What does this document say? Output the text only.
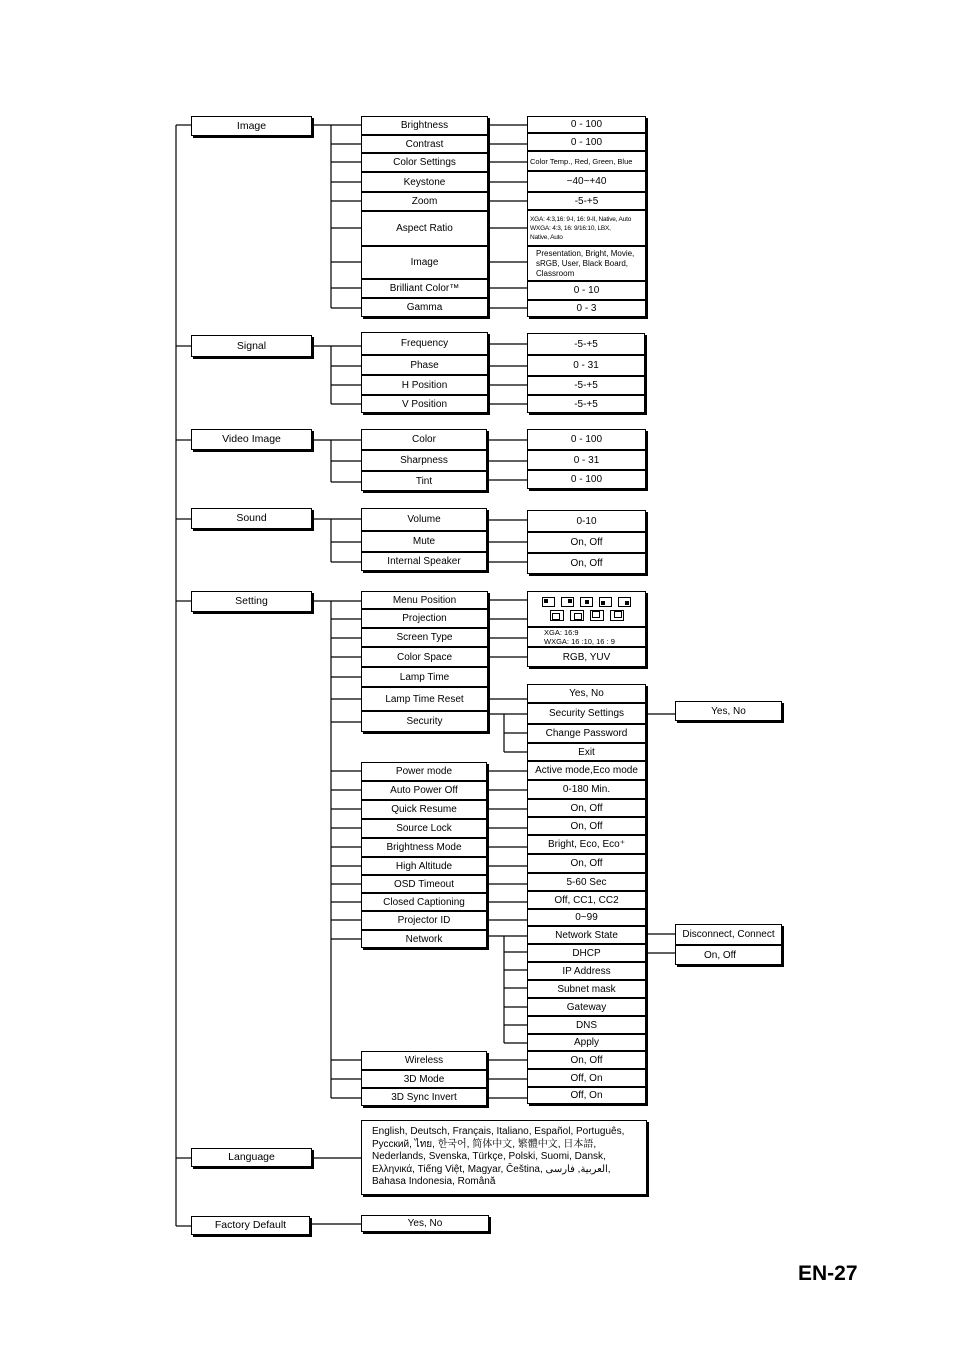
Image
Signal
Video Image
Sound
Setting
Language
Factory Default
Brightness
Contrast
Color Settings
Keystone
Zoom
Aspect Ratio
Image
Brilliant Color™
Gamma
0 - 100
0 - 100
Color Temp., Red, Green, Blue
−40~+40
-5-+5
XGA: 4:3,16: 9-I, 16: 9-II, Native, Auto
WXGA: 4:3, 16: 9/16:10, LBX,
Native, Auto
Presentation, Bright, Movie,
sRGB, User, Black Board,
Classroom
0 - 10
0 - 3
Frequency
Phase
H Position
V Position
-5-+5
0 - 31
-5-+5
-5-+5
Color
Sharpness
Tint
0 - 100
0 - 31
0 - 100
Volume
Mute
Internal Speaker
0-10
On, Off
On, Off
Menu Position
Projection
Screen Type
Color Space
Lamp Time
Lamp Time Reset
Security
XGA: 16:9
WXGA: 16 :10, 16 : 9
RGB, YUV
Yes, No
Security Settings
Change Password
Exit
Yes, No
Power mode
Auto Power Off
Quick Resume
Source Lock
Brightness Mode
High Altitude
OSD Timeout
Closed Captioning
Projector ID
Network
Active mode,Eco mode
0-180 Min.
On, Off
On, Off
Bright, Eco, Eco⁺
On, Off
5-60 Sec
Off, CC1, CC2
0~99
Network State
DHCP
IP Address
Subnet mask
Gateway
DNS
Apply
Disconnect, Connect
On, Off
Wireless
3D Mode
3D Sync Invert
On, Off
Off, On
Off, On
English, Deutsch, Français, Italiano, Español, Português,
Русский, ไทย, 한국어, 简体中文, 繁體中文, 日本語,
Nederlands, Svenska, Türkçe, Polski, Suomi, Dansk,
Ελληνικά, Tiếng Việt, Magyar, Čeština, العربية, فارسی,
Bahasa Indonesia, Română
Yes, No
EN-27
